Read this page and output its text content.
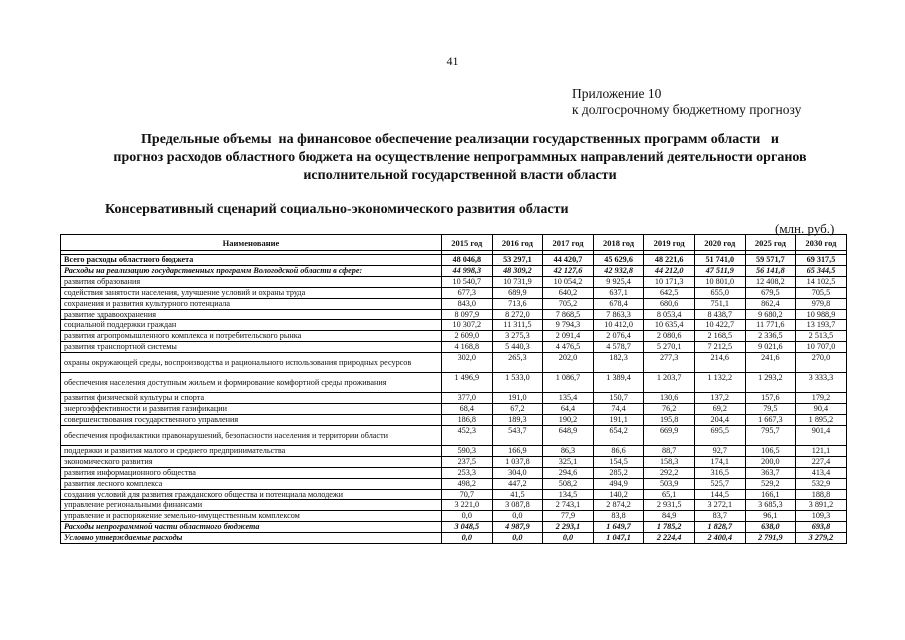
41
Приложение 10
к долгосрочному бюджетному прогнозу
Предельные объемы  на финансовое обеспечение реализации государственных программ области   и
прогноз расходов областного бюджета на осуществление непрограммных направлений деятельности органов
исполнительной государственной власти области
Консервативный сценарий социально-экономического развития области
(млн. руб.)
Наименование	2015 год	2016 год	2017 год	2018 год	2019 год	2020 год	2025 год	2030 год

Всего расходы областного бюджета	48 046,8	53 297,1	44 420,7	45 629,6	48 221,6	51 741,0	59 571,7	69 317,5
Расходы на реализацию государственных программ Вологодской области в сфере:	44 998,3	48 309,2	42 127,6	42 932,8	44 212,0	47 511,9	56 141,8	65 344,5
развития образования	10 540,7	10 731,9	10 054,2	9 925,4	10 171,3	10 801,0	12 408,2	14 102,5
содействия занятости населения, улучшение условий и охраны труда	677,3	689,9	640,2	637,1	642,5	655,0	679,5	705,5
сохранения и развития культурного потенциала	843,0	713,6	705,2	678,4	680,6	751,1	862,4	979,8
развитие здравоохранения	8 097,9	8 272,0	7 868,5	7 863,3	8 053,4	8 438,7	9 680,2	10 988,9
социальной поддержки граждан	10 307,2	11 311,5	9 794,3	10 412,0	10 635,4	10 422,7	11 771,6	13 193,7
развития агропромышленного комплекса и потребительского рынка	2 609,0	3 275,3	2 091,4	2 076,4	2 080,6	2 168,5	2 336,5	2 513,5
развития транспортной системы	4 168,8	5 440,3	4 476,5	4 578,7	5 270,1	7 212,5	9 021,6	10 707,0
охраны окружающей среды, воспроизводства и рационального использования природных ресурсов	302,0	265,3	202,0	182,3	277,3	214,6	241,6	270,0
обеспечения населения доступным жильем и формирование комфортной среды проживания	1 496,9	1 533,0	1 086,7	1 389,4	1 203,7	1 132,2	1 293,2	3 333,3
развития физической культуры и спорта	377,0	191,0	135,4	150,7	130,6	137,2	157,6	179,2
энергоэффективности и развития газификации	68,4	67,2	64,4	74,4	76,2	69,2	79,5	90,4
совершенствования государственного управления	186,8	189,3	190,2	191,1	195,8	204,4	1 667,3	1 895,2
обеспечения профилактики правонарушений, безопасности населения и территории области	452,3	543,7	648,9	654,2	669,9	695,5	795,7	901,4
поддержки и развития малого и среднего предпринимательства	590,3	166,9	86,3	86,6	88,7	92,7	106,5	121,1
экономического развития	237,5	1 037,8	325,1	154,5	158,3	174,1	200,0	227,4
развития информационного общества	253,3	304,0	294,6	285,2	292,2	316,5	363,7	413,4
развития лесного комплекса	498,2	447,2	508,2	494,9	503,9	525,7	529,2	532,9
создания условий для развития гражданского общества и потенциала молодежи	70,7	41,5	134,5	140,2	65,1	144,5	166,1	188,8
управление региональными финансами	3 221,0	3 087,8	2 743,1	2 874,2	2 931,5	3 272,1	3 685,3	3 891,2
управление и распоряжение земельно-имущественным комплексом	0,0	0,0	77,9	83,8	84,9	83,7	96,1	109,3
Расходы непрограммной части областного бюджета	3 048,5	4 987,9	2 293,1	1 649,7	1 785,2	1 828,7	638,0	693,8
Условно утверждаемые расходы	0,0	0,0	0,0	1 047,1	2 224,4	2 400,4	2 791,9	3 279,2
